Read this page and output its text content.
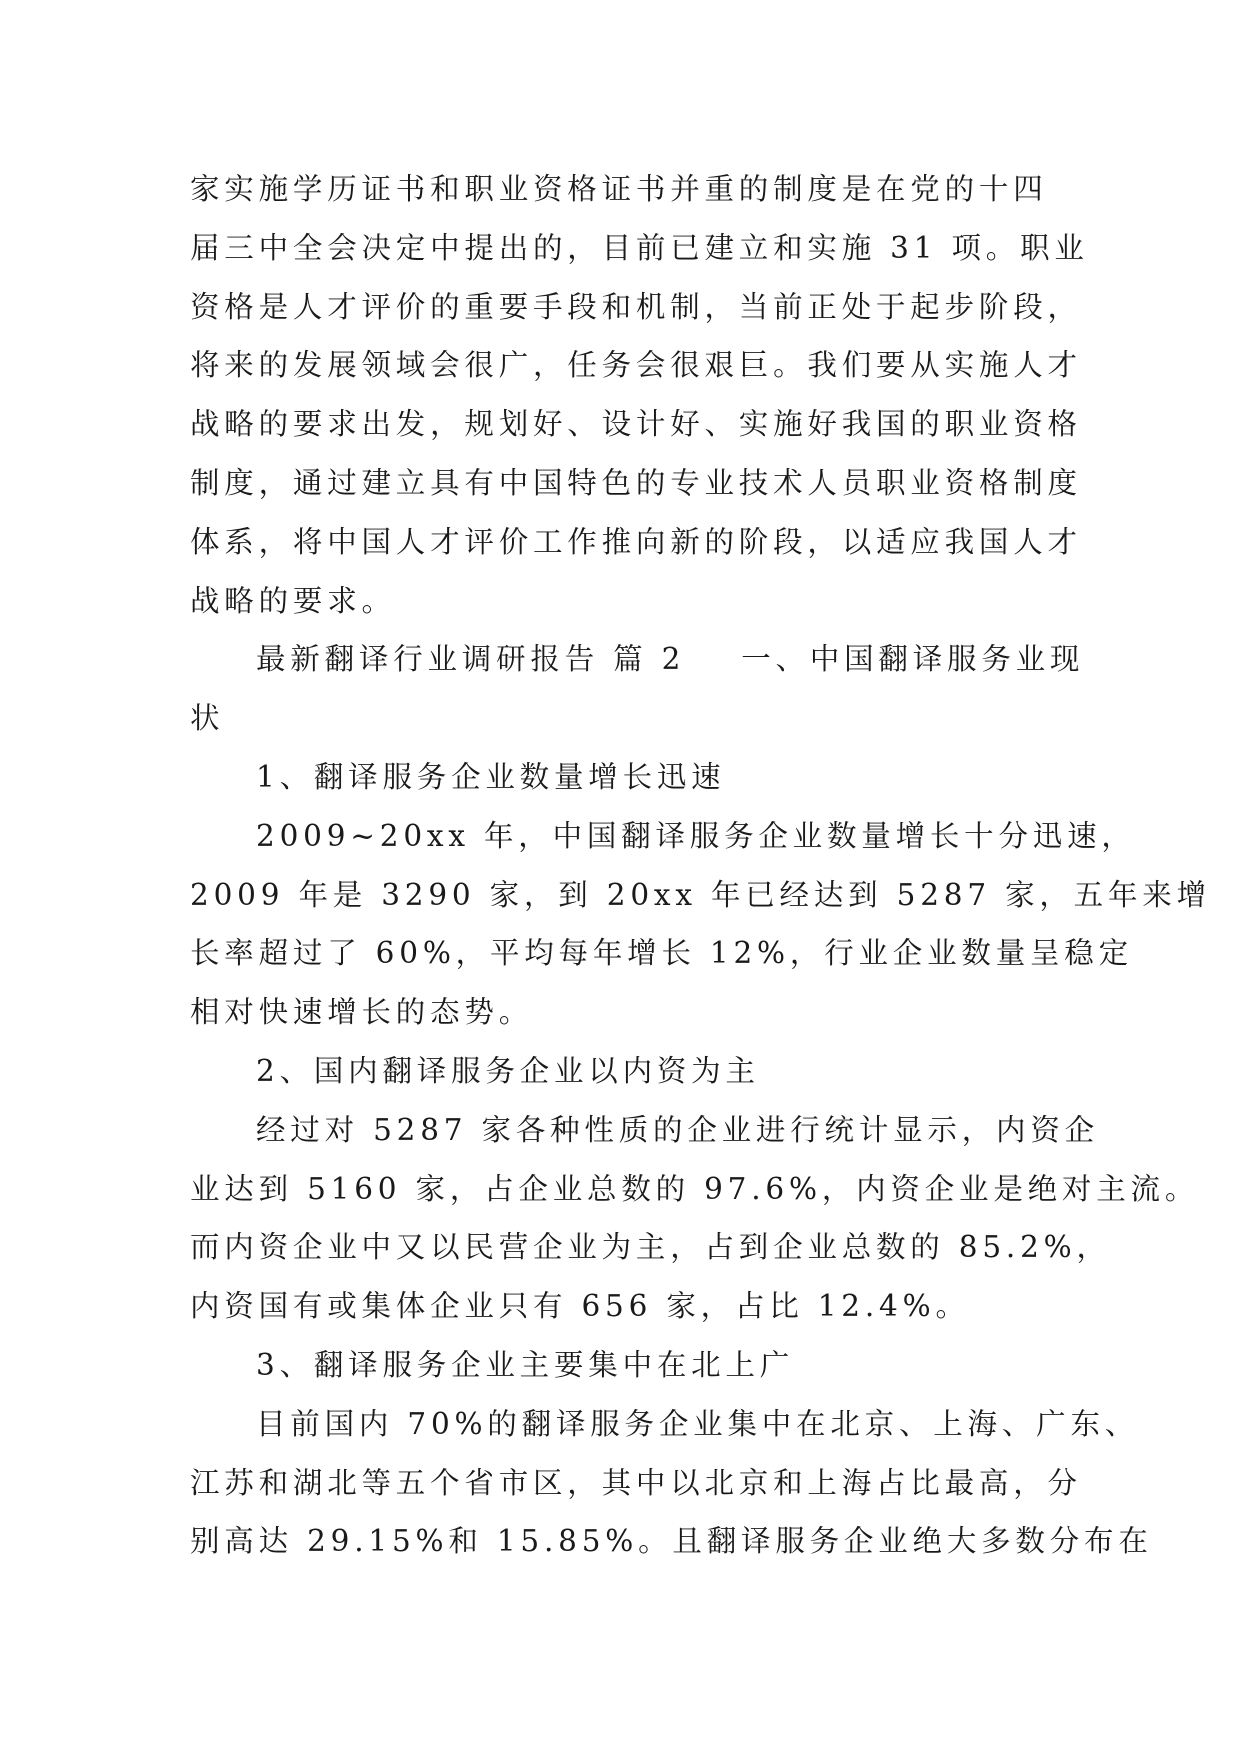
家实施学历证书和职业资格证书并重的制度是在党的十四
届三中全会决定中提出的，目前已建立和实施 31 项。职业
资格是人才评价的重要手段和机制，当前正处于起步阶段，
将来的发展领域会很广，任务会很艰巨。我们要从实施人才
战略的要求出发，规划好、设计好、实施好我国的职业资格
制度，通过建立具有中国特色的专业技术人员职业资格制度
体系，将中国人才评价工作推向新的阶段，以适应我国人才
战略的要求。
最新翻译行业调研报告 篇 2 一、中国翻译服务业现
状
1、翻译服务企业数量增长迅速
2009~20xx 年，中国翻译服务企业数量增长十分迅速，
2009 年是 3290 家，到 20xx 年已经达到 5287 家，五年来增
长率超过了 60%，平均每年增长 12%，行业企业数量呈稳定
相对快速增长的态势。
2、国内翻译服务企业以内资为主
经过对 5287 家各种性质的企业进行统计显示，内资企
业达到 5160 家，占企业总数的 97.6%，内资企业是绝对主流。
而内资企业中又以民营企业为主，占到企业总数的 85.2%，
内资国有或集体企业只有 656 家，占比 12.4%。
3、翻译服务企业主要集中在北上广
目前国内 70%的翻译服务企业集中在北京、上海、广东、
江苏和湖北等五个省市区，其中以北京和上海占比最高，分
别高达 29.15%和 15.85%。且翻译服务企业绝大多数分布在
